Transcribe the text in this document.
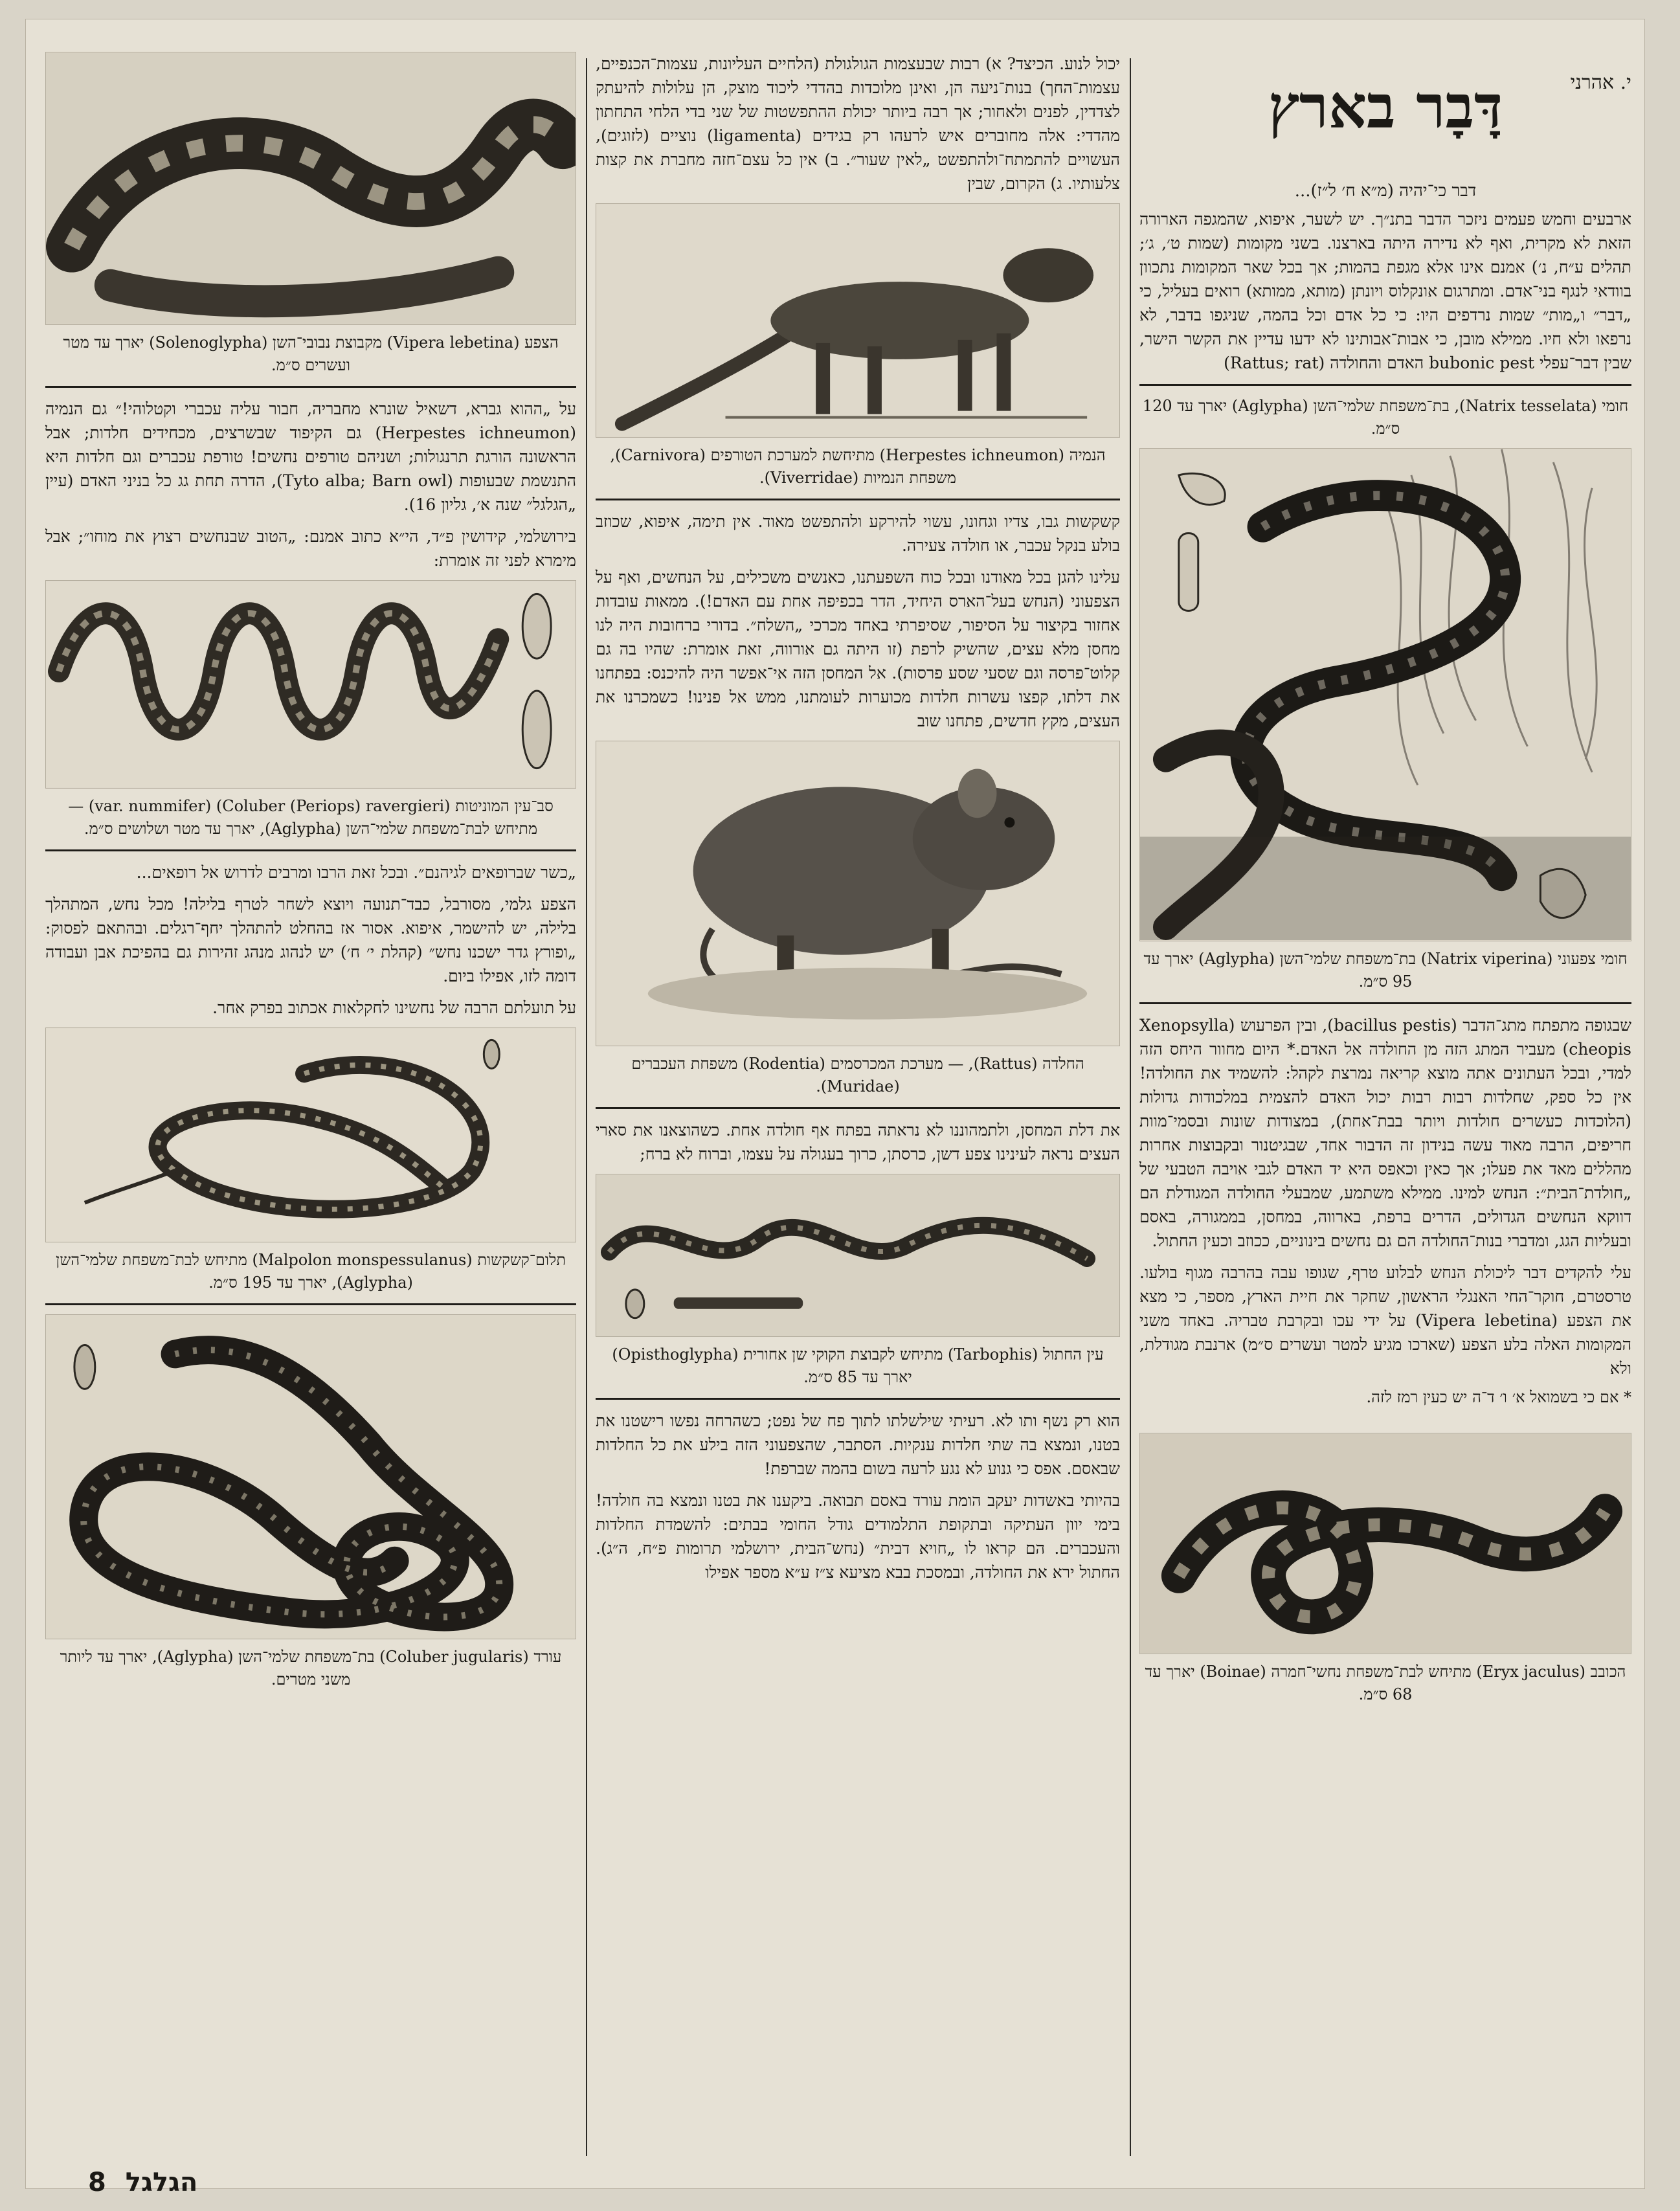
י. אהרני
דָּבָר בארץ
דבר כי־יהיה (מ״א ח׳ ל״ז)...

ארבעים וחמש פעמים ניזכר הדבר בתנ״ך. יש לשער, איפוא, שהמגפה הארורה הזאת לא מקרית, ואף לא נדירה היתה בארצנו. בשני מקומות (שמות ט׳, ג׳; תהלים ע״ח, נ׳) אמנם אינו אלא מגפת בהמות; אך בכל שאר המקומות נתכוון בוודאי לנגף בני־אדם. ומתרגום אונקלוס ויונתן (מותא, ממותא) רואים בעליל, כי „דבר״ ו„מות״ שמות נרדפים היו: כי כל אדם וכל בהמה, שניגפו בדבר, לא נרפאו ולא חיו. ממילא מובן, כי אבות־אבותינו לא ידעו עדיין את הקשר הישר, שבין דבר־עפלי bubonic pest האדם והחולדה (Rattus; rat)

חומי (Natrix tesselata), בת־משפחת שלמי־השן (Aglypha) יארך עד 120 ס״מ.
חומי צפעוני (Natrix viperina) בת־משפחת שלמי־השן (Aglypha) יארך עד 95 ס״מ.

שבגופה מתפתח מתג־הדבר (bacillus pestis), ובין הפרעוש (Xenopsylla cheopis) מעביר המתג הזה מן החולדה אל האדם.* היום מחוור היחס הזה למדי, ובכל העתונים אתה מוצא קריאה נמרצת לקהל: להשמיד את החולדה! אין כל ספק, שחלדות רבות רבות יכול האדם להצמית במלכודות גדולות (הלוכדות כעשרים חולדות ויותר בבת־אחת), במצודות שונות ובסמי־מוות חריפים, הרבה מאוד עשה בנידון זה הדבור אחד, שבגיטנור ובקבוצות אחרות מהללים מאד את פעלו; אך כאין וכאפס היא יד האדם לגבי אויבה הטבעי של „חולדת־הבית״: הנחש למינו. ממילא משתמע, שמבעלי החולדה המגודלת הם דווקא הנחשים הגדולים, הדרים ברפת, בארווה, במחסן, בממגורה, באסם ובעליות הגג, ומדברי בנות־החולדה הם גם נחשים בינוניים, ככוזב וכעין החתול.

עלי להקדים דבר ליכולת הנחש לבלוע טרף, שגופו עבה בהרבה מגוף בולעו. טרסטרם, חוקר־החי האנגלי הראשון, שחקר את חיית הארץ, מספר, כי מצא את הצפע (Vipera lebetina) על ידי עכו ובקרבת טבריה. באחד משני המקומות האלה בלע הצפע (שארכו מגיע למטר ועשרים ס״מ) ארנבת מגודלת, ולא

* אם כי בשמואל א׳ ו׳ ד־ה יש כעין רמז לזה.
הכובב (Eryx jaculus) מתיחש לבת־משפחת נחשי־חמרה (Boinae) יארך עד 68 ס״מ.

יכול לנוע. הכיצד? א) רבות שבעצמות הגולגולת (הלחיים העליונות, עצמות־הכנפיים, עצמות־החך) בנות־ניעה הן, ואינן מלוכדות בהדדי ליכוד מוצק, הן עלולות להיעתק לצדדין, לפנים ולאחור; אך רבה ביותר יכולת ההתפשטות של שני בדי הלחי התחתון מהדדי: אלה מחוברים איש לרעהו רק בגידים (ligamenta) נוציים (לזוגים), העשויים להתמתח־ולהתפשט „לאין שעור״. ב) אין כל עצם־חזה מחברת את קצות צלעותיו. ג) הקרום, שבין

הנמיה (Herpestes ichneumon) מתיחשת למערכת הטורפים (Carnivora), משפחת הנמיות (Viverridae).

קשקשות גבו, צדיו וגחונו, עשוי להירקע ולהתפשט מאוד. אין תימה, איפוא, שכוזב בולע בנקל עכבר, או חולדה צעירה.

עלינו להגן בכל מאודנו ובכל כוח השפעתנו, כאנשים משכילים, על הנחשים, ואף על הצפעוני (הנחש בעל־הארס היחיד, הדר בכפיפה אחת עם האדם!). ממאות עובדות אחזור בקיצור על הסיפור, שסיפרתי באחד מכרכי „השלח״. בדורי ברחובות היה לנו מחסן מלא עצים, שהשיק לרפת (זו היתה גם אורווה, זאת אומרת: שהיו בה גם קלוט־פרסה וגם שסעי שסע פרסות). אל המחסן הזה אי־אפשר היה להיכנס: בפתחנו את דלתו, קפצו עשרות חלדות מכוערות לעומתנו, ממש אל פנינו! כשמכרנו את העצים, מקץ חדשים, פתחנו שוב

החלדה (Rattus), — מערכת המכרסמים (Rodentia) משפחת העכברים (Muridae).

את דלת המחסן, ולתמהוננו לא נראתה בפתח אף חולדה אחת. כשהוצאנו את סארי העצים נראה לעינינו צפע דשן, כרסתן, כרוך בעגולה על עצמו, וברוח לא ברח;

עין החתול (Tarbophis) מתיחש לקבוצת הקוקי שן אחורית (Opisthoglypha) יארך עד 85 ס״מ.

הוא רק נשף ותו לא. רעיתי שילשלתו לתוך פח של נפט; כשהרחה נפשו רישטנו את בטנו, ונמצא בה שתי חלדות ענקיות. הסתבר, שהצפעוני הזה בילע את כל החלדות שבאסם. אפס כי גנוע לא נגע לרעה בשום בהמה שברפת!

בהיותי באשדות יעקב הומת עורד באסם תבואה. ביקענו את בטנו ונמצא בה חולדה! בימי יוון העתיקה ובתקופת התלמודים גודל החומי בבתים: להשמדת החלדות והעכברים. הם קראו לו „חויא דבית״ (נחש־הבית, ירושלמי תרומות פ״ח, ה״ג). החתול ירא את החולדה, ובמסכת בבא מציעא צ״ז ע״א מספר אפילו

הצפע (Vipera lebetina) מקבוצת נבובי־השן (Solenoglypha) יארך עד מטר ועשרים ס״מ.

על „ההוא גברא, דשאיל שונרא מחבריה, חבור עליה עכברי וקטלוהי!״ גם הנמיה (Herpestes ichneumon) גם הקיפוד שבשרצים, מכחידים חלדות; אבל הראשונה הורגת תרנגולות; ושניהם טורפים נחשים! טורפת עכברים וגם חלדות היא התנשמת שבעופות (Tyto alba; Barn owl), הדרה תחת גג כל בניני האדם (עיין „הגלגל״ שנה א׳, גליון 16).

בירושלמי, קידושין פ״ד, הי״א כתוב אמנם: „הטוב שבנחשים רצוץ את מוחו״; אבל מימרא לפני זה אומרת:

סב־עין המוניטות (Coluber (Periops) ravergieri) (var. nummifer) — מתיחש לבת־משפחת שלמי־השן (Aglypha), יארך עד מטר ושלושים ס״מ.

„כשר שברופאים לגיהנם״. ובכל זאת הרבו ומרבים לדרוש אל רופאים...

הצפע גלמי, מסורבל, כבד־תנועה ויוצא לשחר לטרף בלילה! מכל נחש, המתהלך בלילה, יש להישמר, איפוא. אסור אז בהחלט להתהלך יחף־רגלים. ובהתאם לפסוק: „ופורץ גדר ישכנו נחש״ (קהלת י׳ ח׳) יש לנהוג מנהג זהירות גם בהפיכת אבן ועבודה דומה לזו, אפילו ביום.

על תועלתם הרבה של נחשינו לחקלאות אכתוב בפרק אחר.

תלום־קשקשות (Malpolon monspessulanus) מתיחש לבת־משפחת שלמי־השן (Aglypha), יארך עד 195 ס״מ.
עורד (Coluber jugularis) בת־משפחת שלמי־השן (Aglypha), יארך עד ליותר משני מטרים.
הגלגל 8
